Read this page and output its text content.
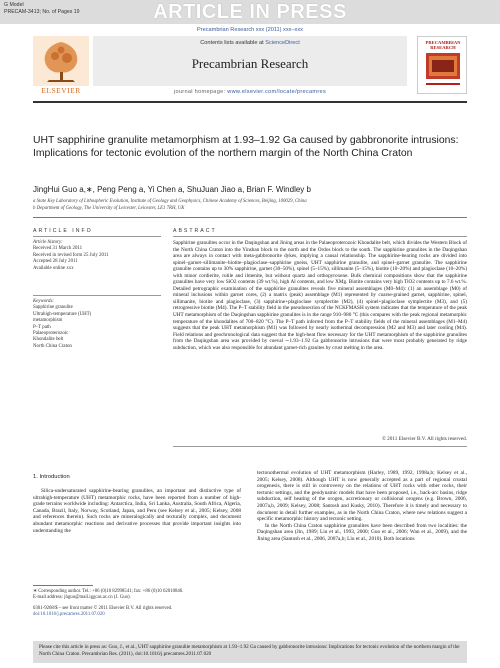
G Model
PRECAM-3413; No. of Pages 19	ARTICLE IN PRESS
Precambrian Research xxx (2011) xxx–xxx
ELSEVIER
Contents lists available at ScienceDirect
Precambrian Research
journal homepage: www.elsevier.com/locate/precamres
PRECAMBRIAN RESEARCH
UHT sapphirine granulite metamorphism at 1.93–1.92 Ga caused by gabbronorite intrusions: Implications for tectonic evolution of the northern margin of the North China Craton
JingHui Guo a,∗, Peng Peng a, Yi Chen a, ShuJuan Jiao a, Brian F. Windley b
a State Key Laboratory of Lithospheric Evolution, Institute of Geology and Geophysics, Chinese Academy of Sciences, Beijing, 100029, China
b Department of Geology, The University of Leicester, Leicester, LE1 7RH, UK
ARTICLE INFO
Article history:
Received 31 March 2011
Received in revised form 25 July 2011
Accepted 28 July 2011
Available online xxx
Keywords:
Sapphirine granulite
Ultrahigh-temperature (UHT)
metamorphism
P–T path
Palaeoproterozoic
Khondalite belt
North China Craton
ABSTRACT
Sapphirine granulites occur in the Daqingshan and Jining areas in the Palaeoproterozoic Khondalite belt, which divides the Western Block of the North China Craton into the Yinshan block to the north and the Ordos block to the south. The sapphirine granulites in the Daqingshan area are always in contact with meta-gabbronorite dykes, implying a causal relationship. The sapphirine-bearing rocks are divided into spinel–garnet–sillimanite–biotite–plagioclase–sapphirine gneiss, UHT sapphirine granulite, and spinel–garnet granulite. The sapphirine granulite contains up to 30% sapphirine, garnet (30–50%), spinel (5–15%), sillimanite (5–15%), biotite (10–20%) and plagioclase (10–20%) with minor cordierite, rutile and ilmenite, but without quartz and orthopyroxene. Bulk chemical compositions show that the sapphirine granulites have very low SiO2 contents (39 wt.%), high Al contents, and low XMg. Biotite contains very high TiO2 contents up to 7.6 wt.%. Detailed petrographic examination of the sapphirine granulites reveals five mineral assemblages (M0–M4): (1) an assemblage (M0) of mineral inclusions within garnet cores, (2) a matrix (peak) assemblage (M1) represented by coarse-grained garnet, sapphirine, spinel, sillimanite, biotite and plagioclase, (3) sapphirine+plagioclase symplectite (M2), (4) spinel+plagioclase symplectite (M3), and (5) retrogressive biotite (M4). The P–T stability field in the pseudosection of the NCKFMASH system indicates that the temperature of the peak UHT metamorphism of the Daqingshan sapphirine granulites is in the range 910–980 °C (this compares with the peak regional metamorphic temperature of the khondalites of 700–820 °C). The P–T path inferred from the P–T stability fields of the mineral assemblages (M1–M4) suggests that the peak UHT metamorphism (M1) was followed by nearly isothermal decompression (M2 and M3) and later cooling (M4). Field relations and geochronological data suggest that the high-heat flow necessary for the UHT metamorphism of the sapphirine granulites from the Daqingshan area was provided by coeval ∼1.93–1.92 Ga gabbronorite intrusions that were most probably generated by ridge subduction, which was also responsible for abundant garnet-rich granites by crust melting in the area.
© 2011 Elsevier B.V. All rights reserved.
1. Introduction

Silica-undersaturated sapphirine-bearing granulites, an important and distinctive type of ultrahigh-temperature (UHT) metamorphic rocks, have been reported from a number of high-grade terrains worldwide including: Antarctica, India, Sri Lanka, Australia, South Africa, Algeria, Canada, Brazil, Italy, Norway, Scotland, Japan, and Peru (see Kelsey et al., 2005; Kelsey, 2008 and references therein). Such rocks are mineralogically and texturally complex, and document abundant metamorphic reactions and derivative processes that provide important insights into understanding the

tectonothermal evolution of UHT metamorphism (Harley, 1989, 1992, 1998a,b; Kelsey et al., 2005; Kelsey, 2008). Although UHT is now generally accepted as a part of regional crustal orogenesis, there is still in controversy on the relations of UHT rocks with other rocks, their tectonic settings, and the geodynamic models that have been proposed, i.e., back-arc basins, ridge subduction, self heating of the orogen, accretionary or collisional orogens (e.g. Brown, 2006, 2007a,b, 2009; Kelsey, 2008; Santosh and Kusky, 2010). Therefore it is timely and necessary to document in detail further examples, as in the North China Craton, where new relations suggest a specific metamorphic history and tectonic setting.

In the North China Craton sapphirine granulites have been described from two localities: the Daqingshan area (Jin, 1989; Liu et al., 1993, 2000; Guo et al., 2006; Wan et al., 2009), and the Jining area (Santosh et al., 2006, 2007a,b; Liu et al., 2010). Both locations

∗ Corresponding author. Tel.: +86 (0)10 82998541; fax: +86 (0)10 62010846.
E-mail address: jhguo@mail.iggcas.ac.cn (J. Guo).
0301-9268/$ – see front matter © 2011 Elsevier B.V. All rights reserved.
doi:10.1016/j.precamres.2011.07.020
Please cite this article in press as: Guo, J., et al., UHT sapphirine granulite metamorphism at 1.93–1.92 Ga caused by gabbronorite intrusions: Implications for tectonic evolution of the northern margin of the North China Craton. Precambrian Res. (2011), doi:10.1016/j.precamres.2011.07.020
